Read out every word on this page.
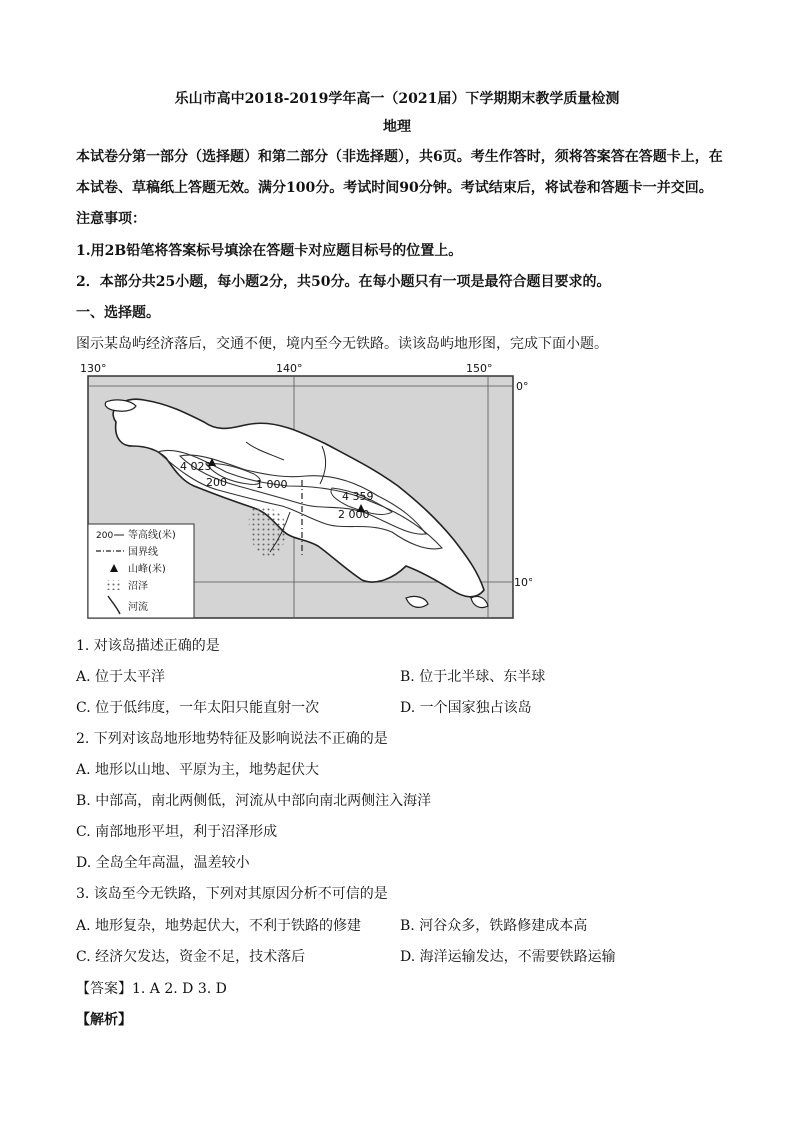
乐山市高中2018-2019学年高一（2021届）下学期期末教学质量检测
地理
本试卷分第一部分（选择题）和第二部分（非选择题），共6页。考生作答时，须将答案答在答题卡上，在
本试卷、草稿纸上答题无效。满分100分。考试时间90分钟。考试结束后，将试卷和答题卡一并交回。
注意事项：
1.用2B铅笔将答案标号填涂在答题卡对应题目标号的位置上。
2．本部分共25小题，每小题2分，共50分。在每小题只有一项是最符合题目要求的。
一、选择题。
图示某岛屿经济落后，交通不便，境内至今无铁路。读该岛屿地形图，完成下面小题。
4 023
4 359
200	1 000
2 000
130°	140°	150°
0°
10°
200 等高线(米)
国界线
山峰(米)
沼泽
河流
1. 对该岛描述正确的是
A. 位于太平洋	B. 位于北半球、东半球
C. 位于低纬度，一年太阳只能直射一次	D. 一个国家独占该岛
2. 下列对该岛地形地势特征及影响说法不正确的是
A. 地形以山地、平原为主，地势起伏大
B. 中部高，南北两侧低，河流从中部向南北两侧注入海洋
C. 南部地形平坦，利于沼泽形成
D. 全岛全年高温，温差较小
3. 该岛至今无铁路，下列对其原因分析不可信的是
A. 地形复杂，地势起伏大，不利于铁路的修建	B. 河谷众多，铁路修建成本高
C. 经济欠发达，资金不足，技术落后	D. 海洋运输发达，不需要铁路运输
【答案】1. A 2. D 3. D
【解析】
